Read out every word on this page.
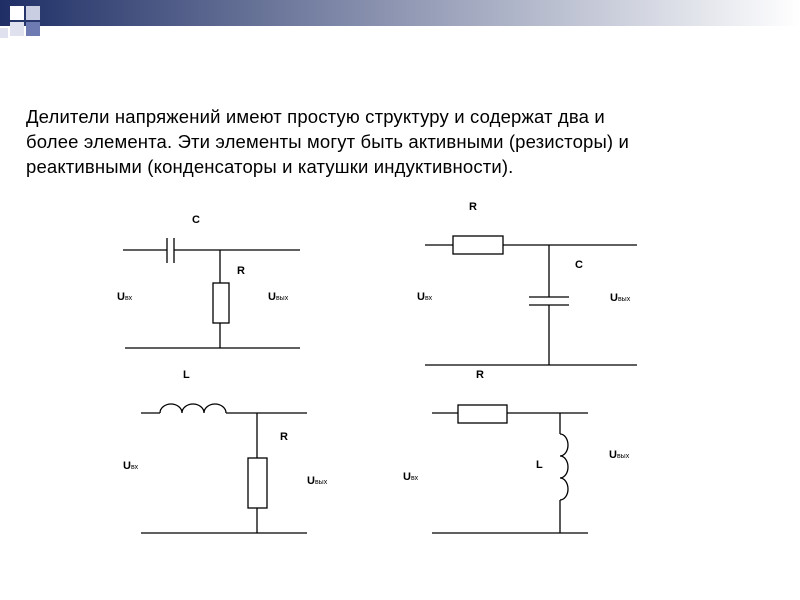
Делители напряжений имеют простую структуру и содержат два и
более элемента. Эти элементы могут быть активными (резисторы) и
реактивными (конденсаторы и катушки индуктивности).

C
R
Uвх	Uвых
R
C
Uвх	Uвых
L
R
Uвх
Uвых
R
L
Uвх
Uвых
